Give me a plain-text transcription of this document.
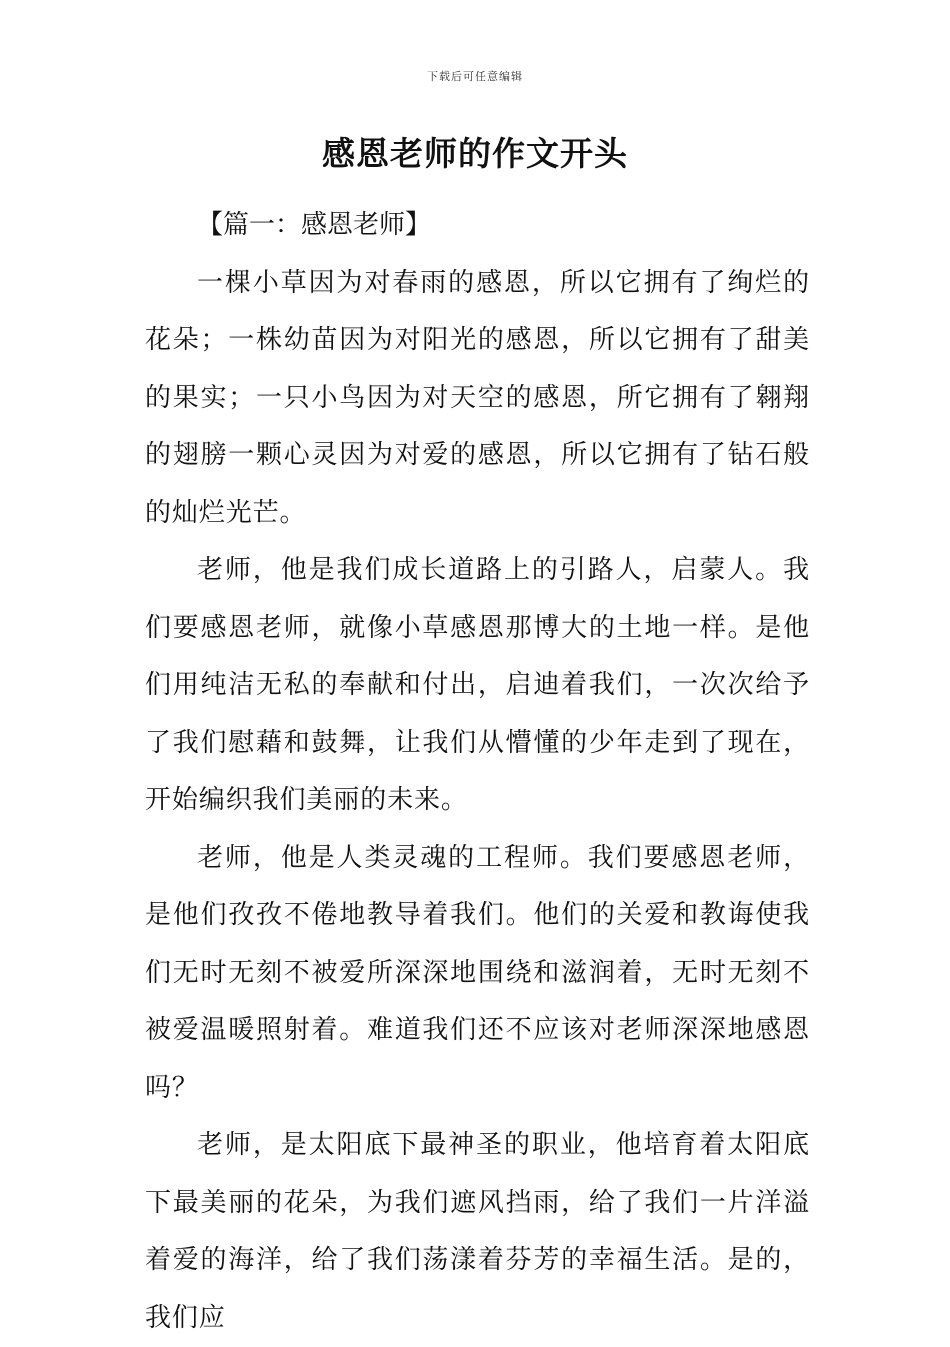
下载后可任意编辑
感恩老师的作文开头

【篇一：感恩老师】

一棵小草因为对春雨的感恩，所以它拥有了绚烂的花朵；一株幼苗因为对阳光的感恩，所以它拥有了甜美的果实；一只小鸟因为对天空的感恩，所它拥有了翱翔的翅膀一颗心灵因为对爱的感恩，所以它拥有了钻石般的灿烂光芒。

老师，他是我们成长道路上的引路人，启蒙人。我们要感恩老师，就像小草感恩那博大的土地一样。是他们用纯洁无私的奉献和付出，启迪着我们，一次次给予了我们慰藉和鼓舞，让我们从懵懂的少年走到了现在，开始编织我们美丽的未来。

老师，他是人类灵魂的工程师。我们要感恩老师，是他们孜孜不倦地教导着我们。他们的关爱和教诲使我们无时无刻不被爱所深深地围绕和滋润着，无时无刻不被爱温暖照射着。难道我们还不应该对老师深深地感恩吗？

老师，是太阳底下最神圣的职业，他培育着太阳底下最美丽的花朵，为我们遮风挡雨，给了我们一片洋溢着爱的海洋，给了我们荡漾着芬芳的幸福生活。是的，我们应
